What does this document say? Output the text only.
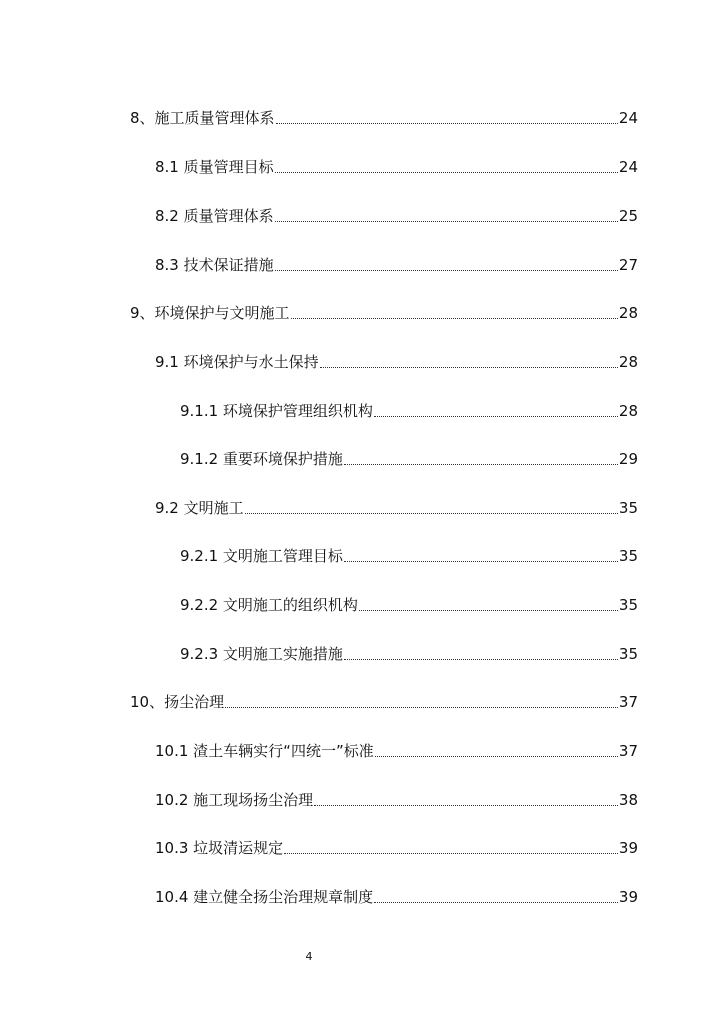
8、施工质量管理体系	24
8.1 质量管理目标	24
8.2 质量管理体系	25
8.3 技术保证措施	27
9、环境保护与文明施工	28
9.1 环境保护与水土保持	28
9.1.1 环境保护管理组织机构	28
9.1.2 重要环境保护措施	29
9.2 文明施工	35
9.2.1 文明施工管理目标	35
9.2.2 文明施工的组织机构	35
9.2.3 文明施工实施措施	35
10、扬尘治理	37
10.1 渣土车辆实行“四统一”标准	37
10.2 施工现场扬尘治理	38
10.3 垃圾清运规定	39
10.4 建立健全扬尘治理规章制度	39
4
